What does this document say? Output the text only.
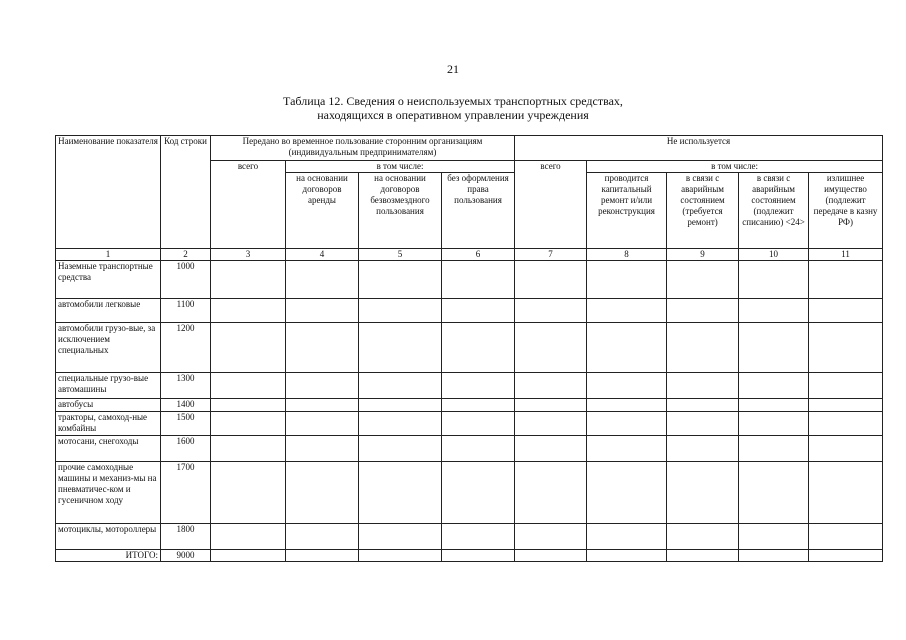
21
Таблица 12. Сведения о неиспользуемых транспортных средствах,
находящихся в оперативном управлении учреждения
Наименование показателя	Код строки	Передано во временное пользование сторонним организациям (индивидуальным предпринимателям)				Не используется				
		всего	в том числе:			всего	в том числе:			
			на основании договоров аренды	на основании договоров безвозмездного пользования	без оформления права пользования		проводится капитальный ремонт и/или реконструкция	в связи с аварийным состоянием (требуется ремонт)	в связи с аварийным состоянием (подлежит списанию) <24>	излишнее имущество (подлежит передаче в казну РФ)
1	2	3	4	5	6	7	8	9	10	11
Наземные транспортные средства	1000									
автомобили легковые	1100									
автомобили грузо-вые, за исключением специальных	1200									
специальные грузо-вые автомашины	1300									
автобусы	1400									
тракторы, самоход-ные комбайны	1500									
мотосани, снегоходы	1600									
прочие самоходные машины и механиз-мы на пневматичес-ком и гусеничном ходу	1700									
мотоциклы, мотороллеры	1800									
ИТОГО:	9000									
